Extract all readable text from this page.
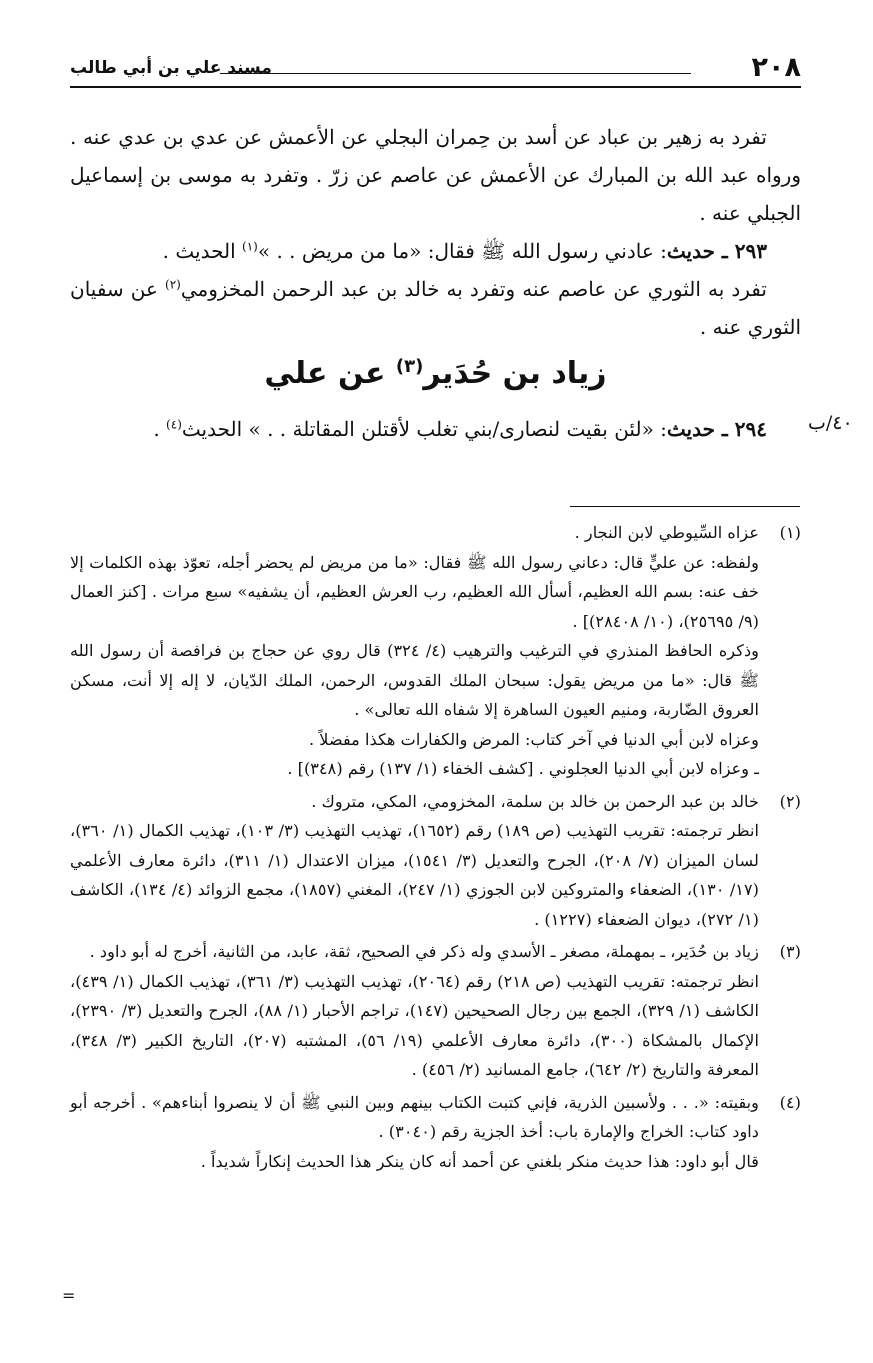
٢٠٨
مسند علي بن أبي طالب

تفرد به زهير بن عباد عن أسد بن حِمران البجلي عن الأعمش عن عدي بن عدي عنه . ورواه عبد الله بن المبارك عن الأعمش عن عاصم عن زرّ . وتفرد به موسى بن إسماعيل الجبلي عنه .

٢٩٣ ـ حديث: عادني رسول الله ﷺ فقال: «ما من مريض . . »$^{(١)}$ الحديث .

تفرد به الثوري عن عاصم عنه وتفرد به خالد بن عبد الرحمن المخزومي$^{(٢)}$ عن سفيان الثوري عنه .

زياد بن حُدَير$^{(٣)}$ عن علي
٤٠/ب

٢٩٤ ـ حديث: «لئن بقيت لنصارى/بني تغلب لأقتلن المقاتلة . . » الحديث$^{(٤)}$ .

(١)

عزاه السِّيوطي لابن النجار .

ولفظه: عن عليٍّ قال: دعاني رسول الله ﷺ فقال: «ما من مريض لم يحضر أجله، تعوّذ بهذه الكلمات إلا خف عنه: بسم الله العظيم، أسأل الله العظيم، رب العرش العظيم، أن يشفيه» سبع مرات . [كنز العمال (٩/ ٢٥٦٩٥)، (١٠/ ٢٨٤٠٨)] .

وذكره الحافظ المنذري في الترغيب والترهيب (٤/ ٣٢٤) قال روي عن حجاج بن فرافصة أن رسول الله ﷺ قال: «ما من مريض يقول: سبحان الملك القدوس، الرحمن، الملك الدّيان، لا إله إلا أنت، مسكن العروق الضّاربة، ومنيم العيون الساهرة إلا شفاه الله تعالى» .

وعزاه لابن أبي الدنيا في آخر كتاب: المرض والكفارات هكذا مفضلاً .

ـ وعزاه لابن أبي الدنيا العجلوني . [كشف الخفاء (١/ ١٣٧) رقم (٣٤٨)] .

(٢)

خالد بن عبد الرحمن بن خالد بن سلمة، المخزومي، المكي، متروك .

انظر ترجمته: تقريب التهذيب (ص ١٨٩) رقم (١٦٥٢)، تهذيب التهذيب (٣/ ١٠٣)، تهذيب الكمال (١/ ٣٦٠)، لسان الميزان (٧/ ٢٠٨)، الجرح والتعديل (٣/ ١٥٤١)، ميزان الاعتدال (١/ ٣١١)، دائرة معارف الأعلمي (١٧/ ١٣٠)، الضعفاء والمتروكين لابن الجوزي (١/ ٢٤٧)، المغني (١٨٥٧)، مجمع الزوائد (٤/ ١٣٤)، الكاشف (١/ ٢٧٢)، ديوان الضعفاء (١٢٢٧) .

(٣)

زياد بن حُدَير، ـ بمهملة، مصغر ـ الأسدي وله ذكر في الصحيح، ثقة، عابد، من الثانية، أخرج له أبو داود .

انظر ترجمته: تقريب التهذيب (ص ٢١٨) رقم (٢٠٦٤)، تهذيب التهذيب (٣/ ٣٦١)، تهذيب الكمال (١/ ٤٣٩)، الكاشف (١/ ٣٢٩)، الجمع بين رجال الصحيحين (١٤٧)، تراجم الأحبار (١/ ٨٨)، الجرح والتعديل (٣/ ٢٣٩٠)، الإكمال بالمشكاة (٣٠٠)، دائرة معارف الأعلمي (١٩/ ٥٦)، المشتبه (٢٠٧)، التاريخ الكبير (٣/ ٣٤٨)، المعرفة والتاريخ (٢/ ٦٤٢)، جامع المسانيد (٢/ ٤٥٦) .

(٤)

وبقيته: «. . . ولأسبين الذرية، فإني كتبت الكتاب بينهم وبين النبي ﷺ أن لا ينصروا أبناءهم» . أخرجه أبو داود كتاب: الخراج والإمارة باب: أخذ الجزية رقم (٣٠٤٠) .

قال أبو داود: هذا حديث منكر بلغني عن أحمد أنه كان ينكر هذا الحديث إنكاراً شديداً .

=
